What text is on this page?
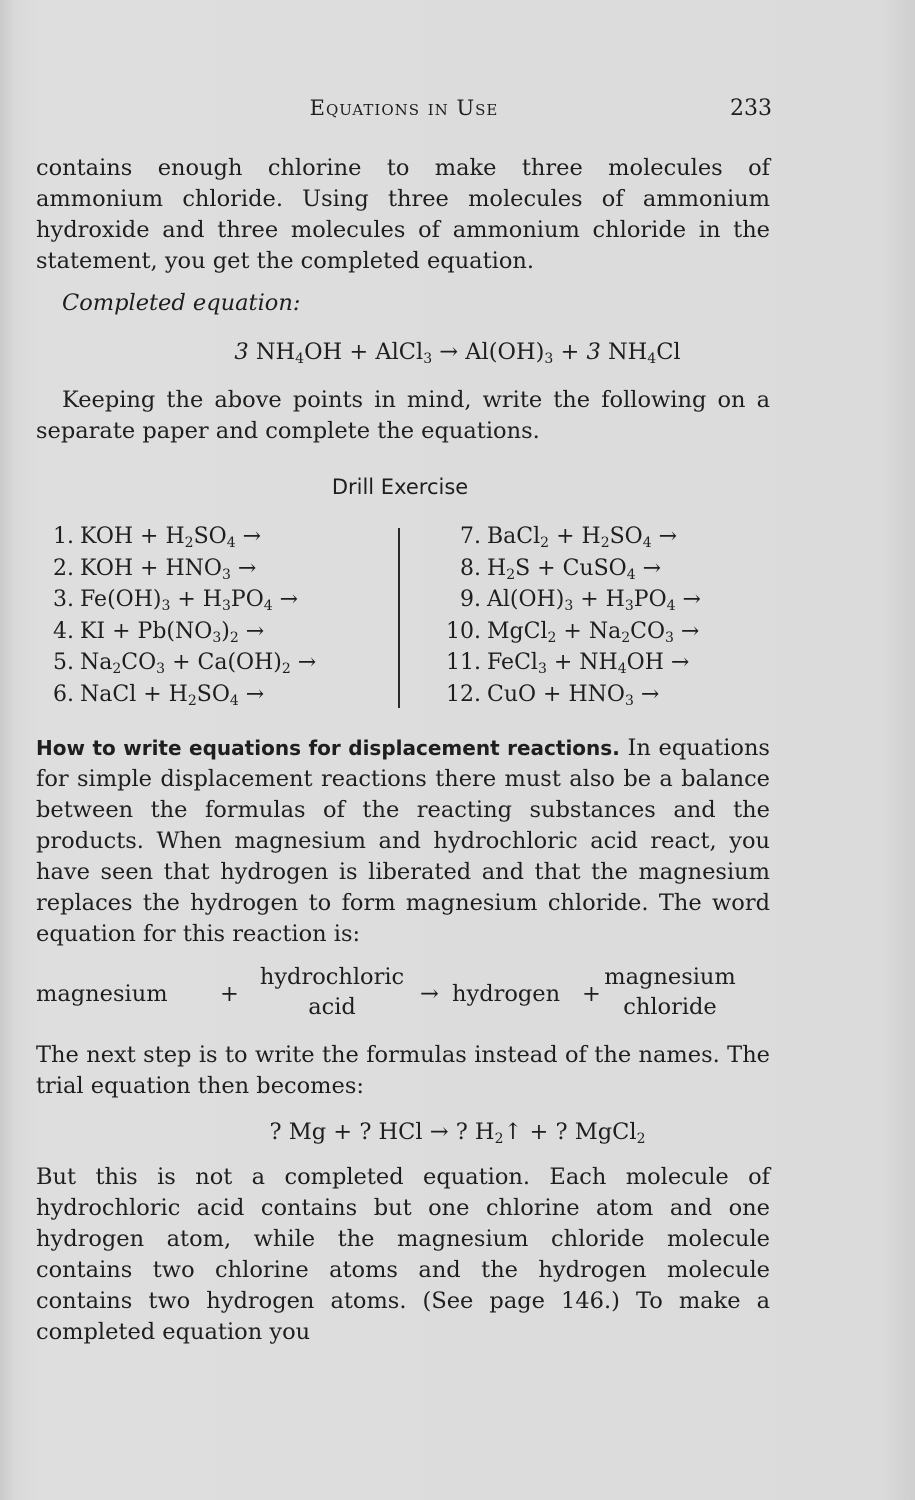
Equations in Use	233

contains enough chlorine to make three molecules of ammonium chloride. Using three molecules of ammonium hydroxide and three molecules of ammonium chloride in the statement, you get the completed equation.

Completed equation:
3 $NH_4OH$ + AlCl$_3$ → $Al(OH)_3 + 3$ $NH_4Cl$

Keeping the above points in mind, write the following on a separate paper and complete the equations.

Drill Exercise
1. KOH + $H_2SO_4$ →
2. KOH + $HNO_3$ →
3. $Fe(OH)_3 + H_3PO_4$ →
4. KI + $Pb(NO_3)_2$ →
5. $Na_2CO_3 + Ca(OH)_2$ →
6. NaCl + $H_2SO_4$ →
7. BaCl$_2$ + $H_2SO_4$ →
8. $H_2S$ + CuSO$_4$ →
9. $Al(OH)_3 + H_3PO_4$ →
10. MgCl$_2$ + $Na_2CO_3$ →
11. FeCl$_3$ + $NH_4OH$ →
12. CuO + $HNO_3$ →

How to write equations for displacement reactions. In equations for simple displacement reactions there must also be a balance between the formulas of the reacting substances and the products. When magnesium and hydrochloric acid react, you have seen that hydrogen is liberated and that the magnesium replaces the hydrogen to form magnesium chloride. The word equation for this reaction is:

magnesium +
hydrochloric
acid	→ hydrogen +
magnesium
chloride

The next step is to write the formulas instead of the names. The trial equation then becomes:

? Mg + ? HCl → ? $H_2↑$ + ? MgCl$_2$

But this is not a completed equation. Each molecule of hydrochloric acid contains but one chlorine atom and one hydrogen atom, while the magnesium chloride molecule contains two chlorine atoms and the hydrogen molecule contains two hydrogen atoms. (See page 146.) To make a completed equation you
